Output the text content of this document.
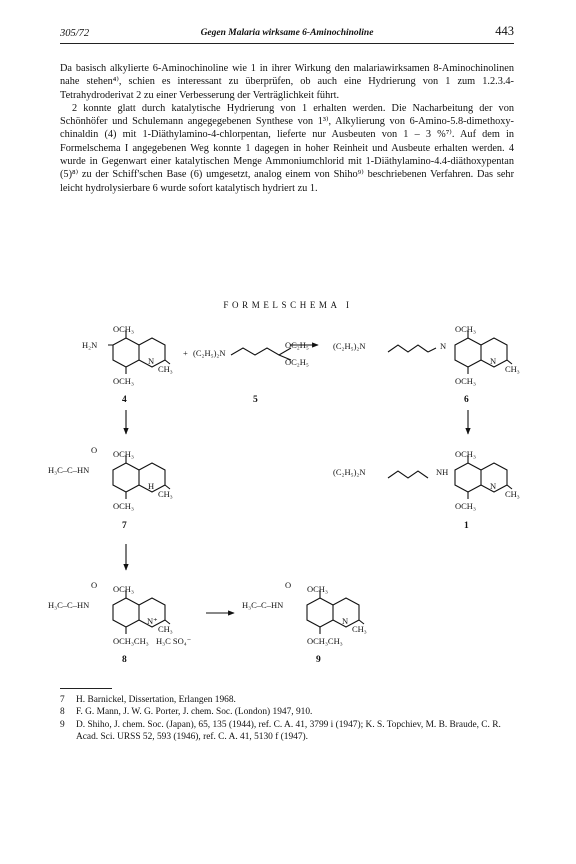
305/72	Gegen Malaria wirksame 6-Aminochinoline	443

Da basisch alkylierte 6-Aminochinoline wie 1 in ihrer Wirkung den malariawirksamen 8-Aminochinolinen nahe stehen⁴⁾, schien es interessant zu überprüfen, ob auch eine Hydrierung von 1 zum 1.2.3.4-Tetrahydroderivat 2 zu einer Verbesserung der Verträglichkeit führt.

2 konnte glatt durch katalytische Hydrierung von 1 erhalten werden. Die Nacharbeitung der von Schönhöfer und Schulemann angegegebenen Synthese von 1³⁾, Alkylierung von 6-Amino-5.8-dimethoxy-chinaldin (4) mit 1-Diäthylamino-4-chlorpentan, lieferte nur Ausbeuten von 1 – 3 %⁷⁾. Auf dem in Formelschema I angegebenen Weg konnte 1 dagegen in hoher Reinheit und Ausbeute erhalten werden. 4 wurde in Gegenwart einer katalytischen Menge Ammoniumchlorid mit 1-Diäthylamino-4.4-diäthoxypentan (5)⁸⁾ zu der Schiff'schen Base (6) umgesetzt, analog einem von Shiho⁹⁾ beschriebenen Verfahren. Das sehr leicht hydrolysierbare 6 wurde sofort katalytisch hydriert zu 1.

FORMELSCHEMA I
OCH₃
H₂N
N
CH₃
OCH₃
4
+ (C₂H₅)₂N
OC₂H₅
OC₂H₅
5
(C₂H₅)₂N	N
OCH₃
N
CH₃
OCH₃
6
O
H₃C–C–HN
OCH₃
H
CH₃
OCH₃
7
(C₂H₅)₂N	NH
OCH₃
N
CH₃
OCH₃
1
O
H₃C–C–HN
OCH₃
N⁺
CH₃
OCH₃CH₃ H₃C SO₄⁻
8
O
H₃C–C–HN
OCH₃
N
CH₃
OCH₃CH₃
9
7	H. Barnickel, Dissertation, Erlangen 1968.
8	F. G. Mann, J. W. G. Porter, J. chem. Soc. (London) 1947, 910.
9	D. Shiho, J. chem. Soc. (Japan), 65, 135 (1944), ref. C. A. 41, 3799 i (1947); K. S. Topchiev, M. B. Braude, C. R. Acad. Sci. URSS 52, 593 (1946), ref. C. A. 41, 5130 f (1947).
